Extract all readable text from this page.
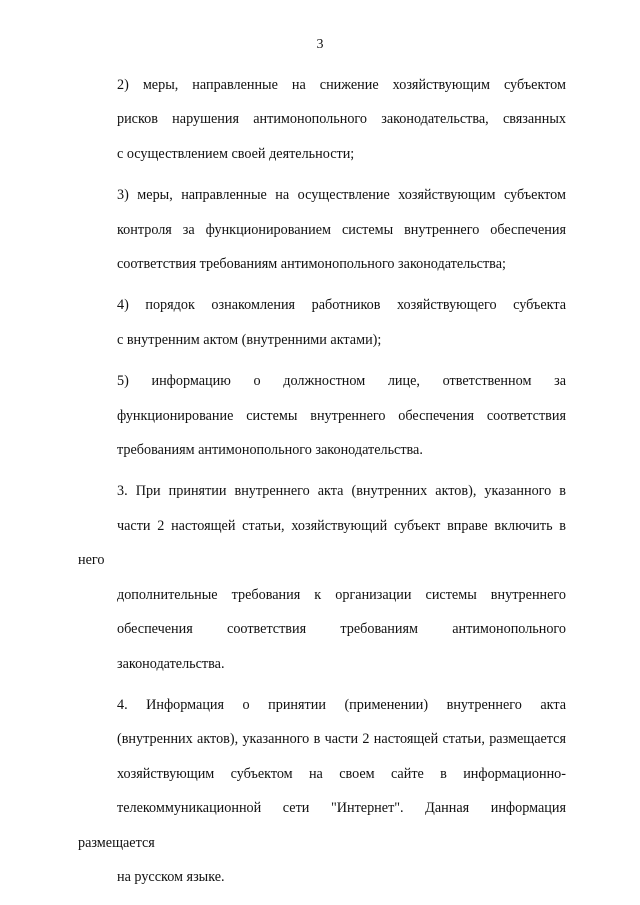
3
2) меры, направленные на снижение хозяйствующим субъектом
рисков нарушения антимонопольного законодательства, связанных
с осуществлением своей деятельности;
3) меры, направленные на осуществление хозяйствующим субъектом
контроля за функционированием системы внутреннего обеспечения
соответствия требованиям антимонопольного законодательства;
4) порядок ознакомления работников хозяйствующего субъекта
с внутренним актом (внутренними актами);
5) информацию о должностном лице, ответственном за
функционирование системы внутреннего обеспечения соответствия
требованиям антимонопольного законодательства.
3. При принятии внутреннего акта (внутренних актов), указанного в
части 2 настоящей статьи, хозяйствующий субъект вправе включить в него
дополнительные требования к организации системы внутреннего
обеспечения соответствия требованиям антимонопольного
законодательства.
4. Информация о принятии (применении) внутреннего акта
(внутренних актов), указанного в части 2 настоящей статьи, размещается
хозяйствующим субъектом на своем сайте в информационно-
телекоммуникационной сети "Интернет". Данная информация размещается
на русском языке.
